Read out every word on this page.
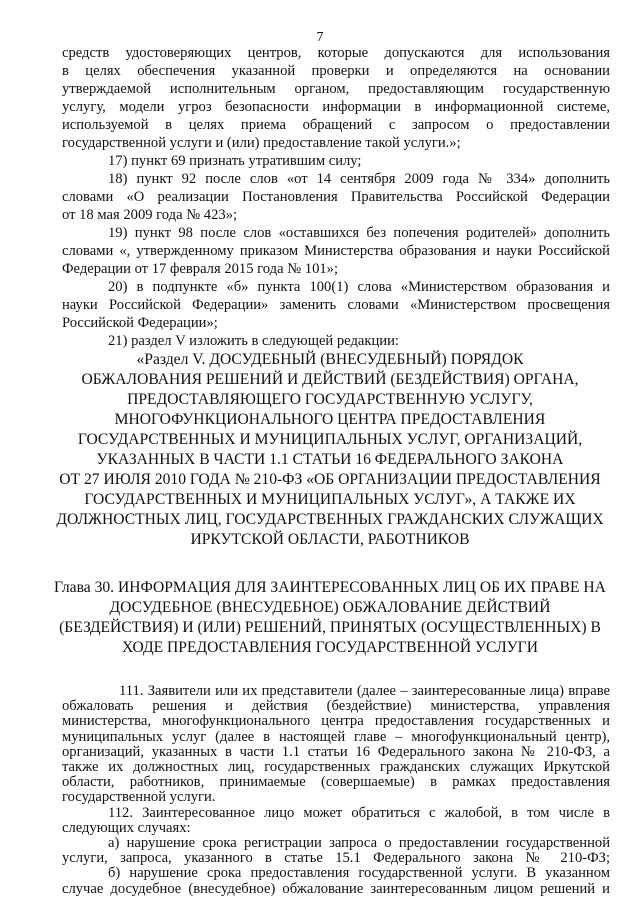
7
средств удостоверяющих центров, которые допускаются для использования
в целях обеспечения указанной проверки и определяются на основании
утверждаемой исполнительным органом, предоставляющим государственную
услугу, модели угроз безопасности информации в информационной системе,
используемой в целях приема обращений с запросом о предоставлении
государственной услуги и (или) предоставление такой услуги.»;
17) пункт 69 признать утратившим силу;
18) пункт 92 после слов «от 14 сентября 2009 года № 334» дополнить
словами «О реализации Постановления Правительства Российской Федерации
от 18 мая 2009 года № 423»;
19) пункт 98 после слов «оставшихся без попечения родителей» дополнить
словами «, утвержденному приказом Министерства образования и науки Российской
Федерации от 17 февраля 2015 года № 101»;
20) в подпункте «б» пункта 100(1) слова «Министерством образования и
науки Российской Федерации» заменить словами «Министерством просвещения
Российской Федерации»;
21) раздел V изложить в следующей редакции:
«Раздел V. ДОСУДЕБНЫЙ (ВНЕСУДЕБНЫЙ) ПОРЯДОК
ОБЖАЛОВАНИЯ РЕШЕНИЙ И ДЕЙСТВИЙ (БЕЗДЕЙСТВИЯ) ОРГАНА,
ПРЕДОСТАВЛЯЮЩЕГО ГОСУДАРСТВЕННУЮ УСЛУГУ,
МНОГОФУНКЦИОНАЛЬНОГО ЦЕНТРА ПРЕДОСТАВЛЕНИЯ
ГОСУДАРСТВЕННЫХ И МУНИЦИПАЛЬНЫХ УСЛУГ, ОРГАНИЗАЦИЙ,
УКАЗАННЫХ В ЧАСТИ 1.1 СТАТЬИ 16 ФЕДЕРАЛЬНОГО ЗАКОНА
ОТ 27 ИЮЛЯ 2010 ГОДА № 210-ФЗ «ОБ ОРГАНИЗАЦИИ ПРЕДОСТАВЛЕНИЯ
ГОСУДАРСТВЕННЫХ И МУНИЦИПАЛЬНЫХ УСЛУГ», А ТАКЖЕ ИХ
ДОЛЖНОСТНЫХ ЛИЦ, ГОСУДАРСТВЕННЫХ ГРАЖДАНСКИХ СЛУЖАЩИХ
ИРКУТСКОЙ ОБЛАСТИ, РАБОТНИКОВ
Глава 30. ИНФОРМАЦИЯ ДЛЯ ЗАИНТЕРЕСОВАННЫХ ЛИЦ ОБ ИХ ПРАВЕ НА
ДОСУДЕБНОЕ (ВНЕСУДЕБНОЕ) ОБЖАЛОВАНИЕ ДЕЙСТВИЙ
(БЕЗДЕЙСТВИЯ) И (ИЛИ) РЕШЕНИЙ, ПРИНЯТЫХ (ОСУЩЕСТВЛЕННЫХ) В
ХОДЕ ПРЕДОСТАВЛЕНИЯ ГОСУДАРСТВЕННОЙ УСЛУГИ
111. Заявители или их представители (далее – заинтересованные лица) вправе
обжаловать решения и действия (бездействие) министерства, управления
министерства, многофункционального центра предоставления государственных и
муниципальных услуг (далее в настоящей главе – многофункциональный центр),
организаций, указанных в части 1.1 статьи 16 Федерального закона № 210-ФЗ, а
также их должностных лиц, государственных гражданских служащих Иркутской
области, работников, принимаемые (совершаемые) в рамках предоставления
государственной услуги.
112. Заинтересованное лицо может обратиться с жалобой, в том числе в
следующих случаях:
а) нарушение срока регистрации запроса о предоставлении государственной
услуги, запроса, указанного в статье 15.1 Федерального закона № 210-ФЗ;
б) нарушение срока предоставления государственной услуги. В указанном
случае досудебное (внесудебное) обжалование заинтересованным лицом решений и
